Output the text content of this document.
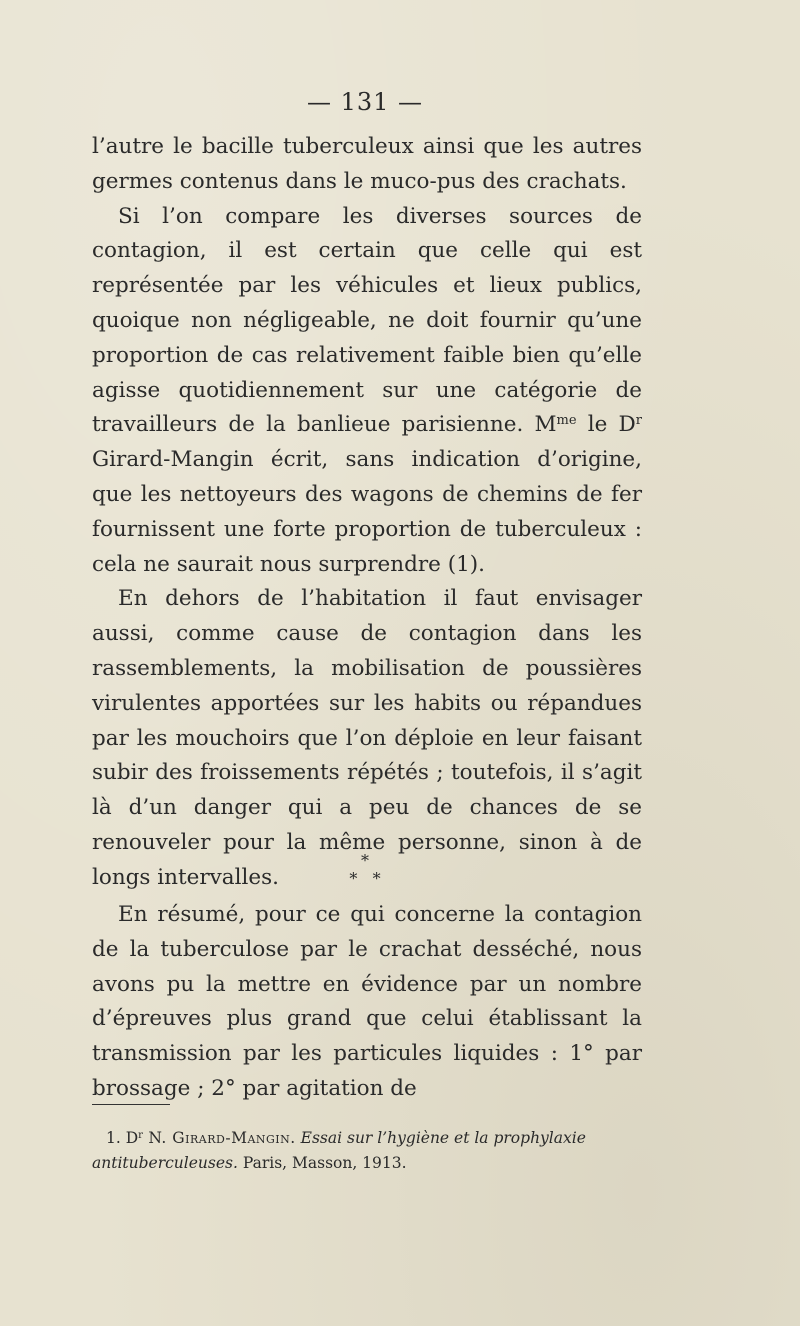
— 131 —

l’autre le bacille tuberculeux ainsi que les autres germes contenus dans le muco-pus des crachats.

Si l’on compare les diverses sources de contagion, il est certain que celle qui est représentée par les véhicules et lieux publics, quoique non négligeable, ne doit fournir qu’une proportion de cas relativement faible bien qu’elle agisse quotidiennement sur une catégorie de travailleurs de la banlieue parisienne. $M^{me}$ le $D^r$ Girard-Mangin écrit, sans indication d’origine, que les nettoyeurs des wagons de chemins de fer fournissent une forte proportion de tuberculeux : cela ne saurait nous surprendre (1).

En dehors de l’habitation il faut envisager aussi, comme cause de contagion dans les rassemblements, la mobilisation de poussières virulentes apportées sur les habits ou répandues par les mouchoirs que l’on déploie en leur faisant subir des froissements répétés ; toutefois, il s’agit là d’un danger qui a peu de chances de se renouveler pour la même personne, sinon à de longs intervalles.

*
*   *

En résumé, pour ce qui concerne la contagion de la tuberculose par le crachat desséché, nous avons pu la mettre en évidence par un nombre d’épreuves plus grand que celui établissant la transmission par les particules liquides : 1° par brossage ; 2° par agitation de

1. $D^r$ N. Girard-Mangin. Essai sur l’hygiène et la prophylaxie antituberculeuses. Paris, Masson, 1913.
